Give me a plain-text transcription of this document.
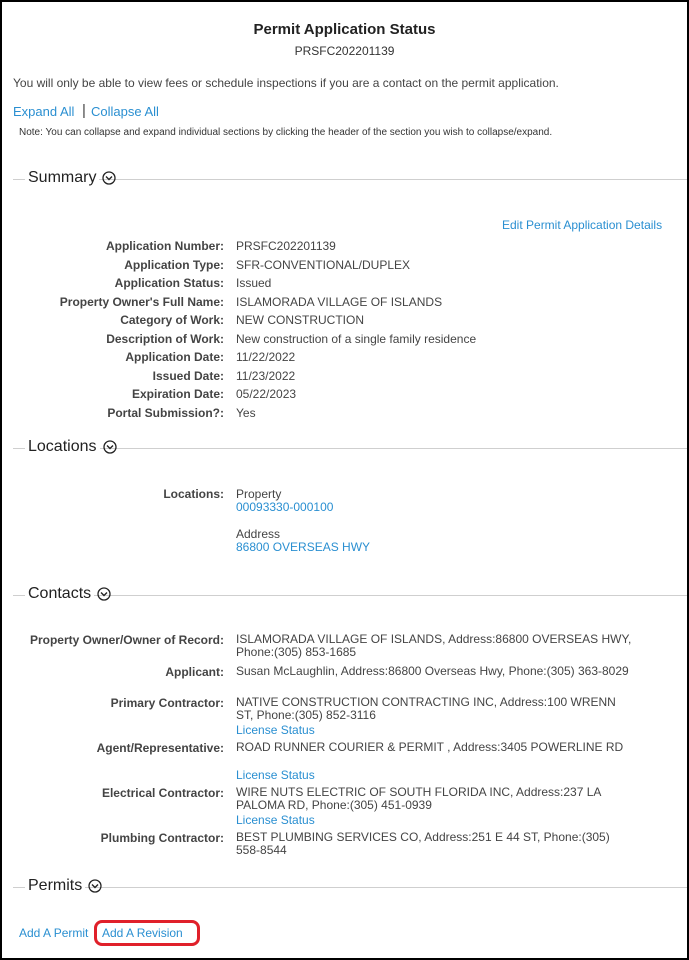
Permit Application Status
PRSFC202201139
You will only be able to view fees or schedule inspections if you are a contact on the permit application.
Expand All | Collapse All
Note: You can collapse and expand individual sections by clicking the header of the section you wish to collapse/expand.
Summary
Edit Permit Application Details
Application Number: PRSFC202201139
Application Type: SFR-CONVENTIONAL/DUPLEX
Application Status: Issued
Property Owner's Full Name: ISLAMORADA VILLAGE OF ISLANDS
Category of Work: NEW CONSTRUCTION
Description of Work: New construction of a single family residence
Application Date: 11/22/2022
Issued Date: 11/23/2022
Expiration Date: 05/22/2023
Portal Submission?: Yes
Locations
Locations: Property
00093330-000100
Address
86800 OVERSEAS HWY
Contacts
Property Owner/Owner of Record: ISLAMORADA VILLAGE OF ISLANDS, Address:86800 OVERSEAS HWY, Phone:(305) 853-1685
Applicant: Susan McLaughlin, Address:86800 Overseas Hwy, Phone:(305) 363-8029
Primary Contractor: NATIVE CONSTRUCTION CONTRACTING INC, Address:100 WRENN ST, Phone:(305) 852-3116
License Status
Agent/Representative: ROAD RUNNER COURIER & PERMIT , Address:3405 POWERLINE RD
License Status
Electrical Contractor: WIRE NUTS ELECTRIC OF SOUTH FLORIDA INC, Address:237 LA PALOMA RD, Phone:(305) 451-0939
License Status
Plumbing Contractor: BEST PLUMBING SERVICES CO, Address:251 E 44 ST, Phone:(305) 558-8544
Permits
Add A Permit Add A Revision
